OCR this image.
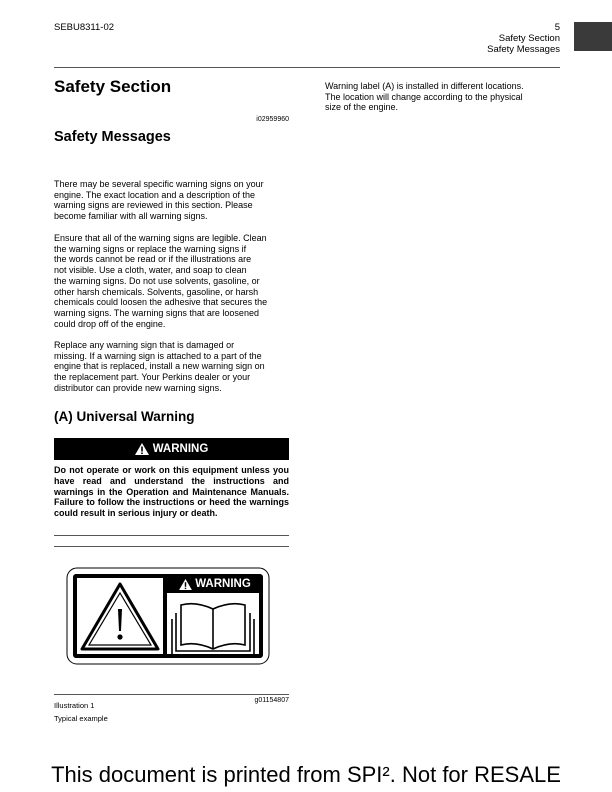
SEBU8311-02	5
Safety Section
Safety Messages
Safety Section
i02959960
Safety Messages
There may be several specific warning signs on your
engine. The exact location and a description of the
warning signs are reviewed in this section. Please
become familiar with all warning signs.
Ensure that all of the warning signs are legible. Clean
the warning signs or replace the warning signs if
the words cannot be read or if the illustrations are
not visible. Use a cloth, water, and soap to clean
the warning signs. Do not use solvents, gasoline, or
other harsh chemicals. Solvents, gasoline, or harsh
chemicals could loosen the adhesive that secures the
warning signs. The warning signs that are loosened
could drop off of the engine.
Replace any warning sign that is damaged or
missing. If a warning sign is attached to a part of the
engine that is replaced, install a new warning sign on
the replacement part. Your Perkins dealer or your
distributor can provide new warning signs.
(A) Universal Warning
WARNING
Do not operate or work on this equipment unless you have read and understand the instructions and warnings in the Operation and Maintenance Manuals. Failure to follow the instructions or heed the warnings could result in serious injury or death.
WARNING
g01154807
Illustration 1
Typical example
Warning label (A) is installed in different locations.
The location will change according to the physical
size of the engine.
This document is printed from SPI². Not for RESALE
